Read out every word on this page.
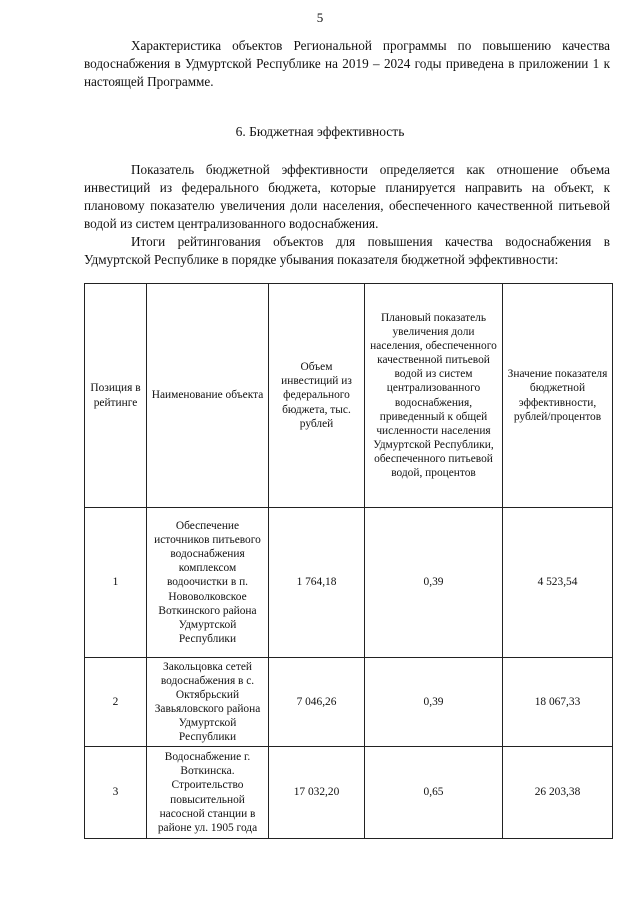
5

Характеристика объектов Региональной программы по повышению качества водоснабжения в Удмуртской Республике на 2019 – 2024 годы приведена в приложении 1 к настоящей Программе.

6. Бюджетная эффективность

Показатель бюджетной эффективности определяется как отношение объема инвестиций из федерального бюджета, которые планируется направить на объект, к плановому показателю увеличения доли населения, обеспеченного качественной питьевой водой из систем централизованного водоснабжения.

Итоги рейтингования объектов для повышения качества водоснабжения в Удмуртской Республике в порядке убывания показателя бюджетной эффективности:

Позиция в рейтинге	Наименование объекта	Объем инвестиций из федерального бюджета, тыс. рублей	Плановый показатель увеличения доли населения, обеспеченного качественной питьевой водой из систем централизованного водоснабжения, приведенный к общей численности населения Удмуртской Республики, обеспеченного питьевой водой, процентов	Значение показателя бюджетной эффективности, рублей/процентов
1	Обеспечение источников питьевого водоснабжения комплексом водоочистки в п. Нововолковское Воткинского района Удмуртской Республики	1 764,18	0,39	4 523,54
2	Закольцовка сетей водоснабжения в с. Октябрьский Завьяловского района Удмуртской Республики	7 046,26	0,39	18 067,33
3	Водоснабжение г. Воткинска. Строительство повысительной насосной станции в районе ул. 1905 года	17 032,20	0,65	26 203,38
